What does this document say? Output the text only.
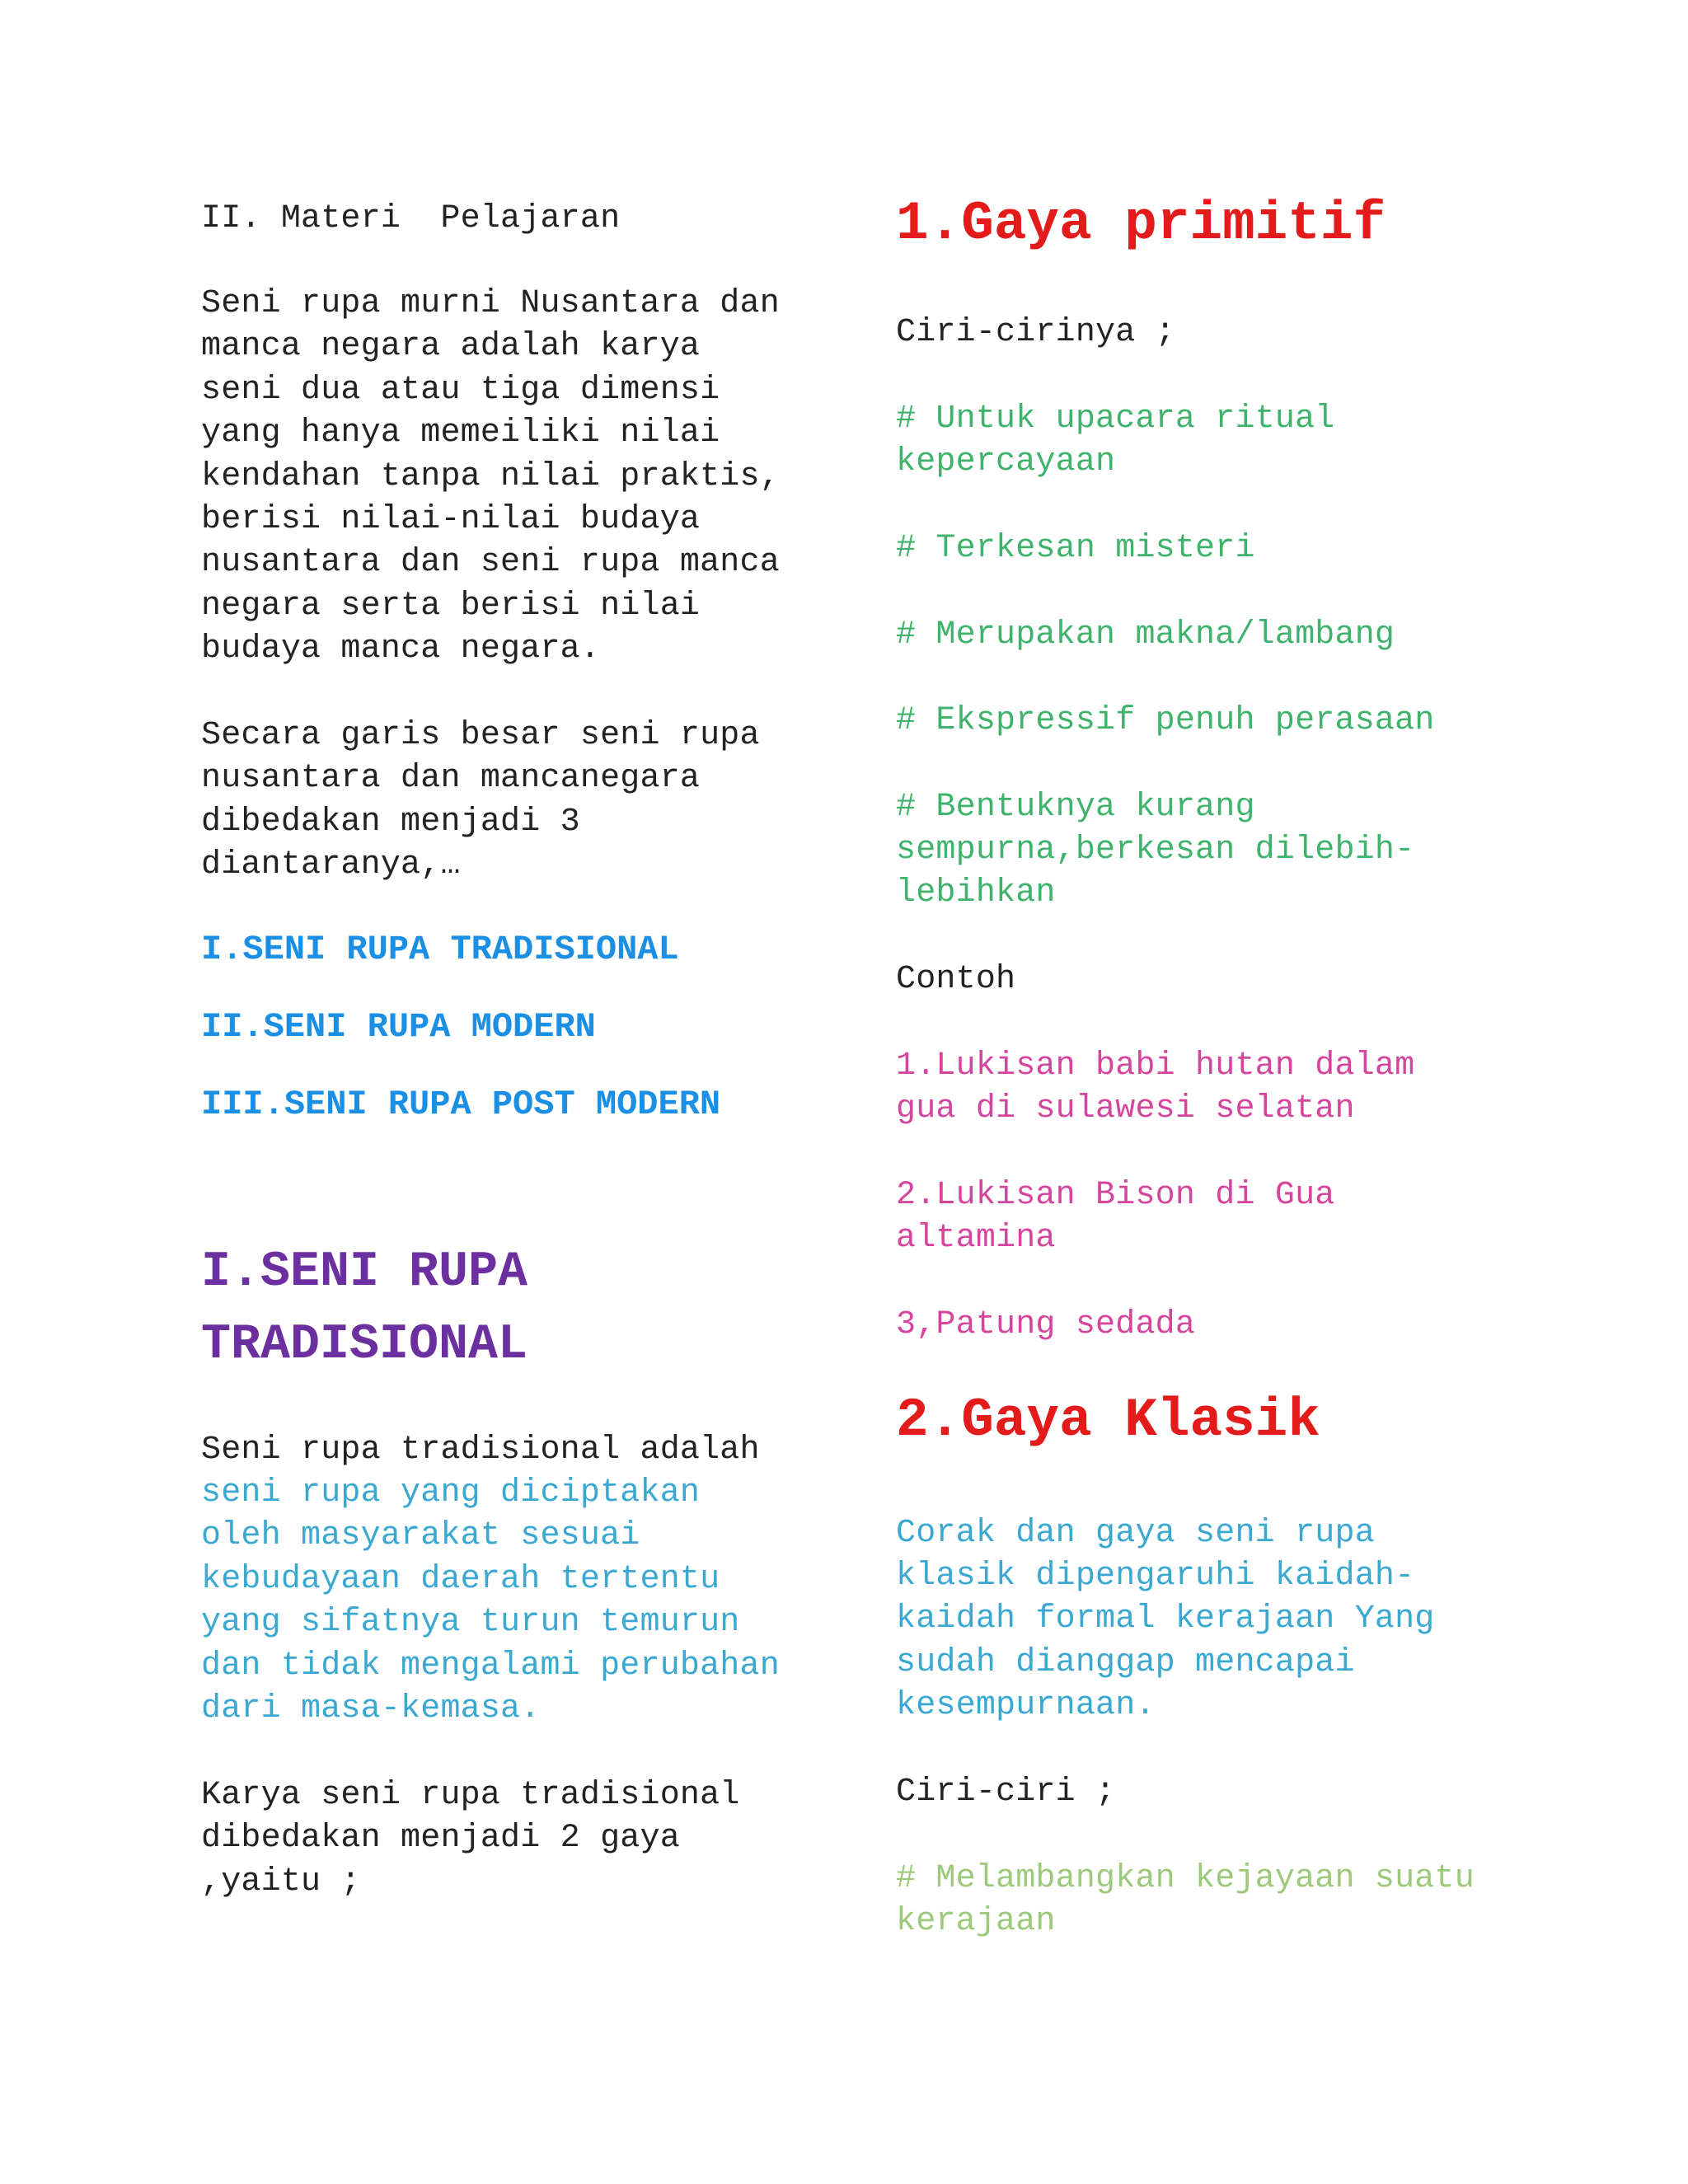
II. Materi  Pelajaran
Seni rupa murni Nusantara dan
manca negara adalah karya
seni dua atau tiga dimensi
yang hanya memeiliki nilai
kendahan tanpa nilai praktis,
berisi nilai-nilai budaya
nusantara dan seni rupa manca
negara serta berisi nilai
budaya manca negara.
Secara garis besar seni rupa
nusantara dan mancanegara
dibedakan menjadi 3
diantaranya,…
I.SENI RUPA TRADISIONAL
II.SENI RUPA MODERN
III.SENI RUPA POST MODERN
I.SENI RUPA
TRADISIONAL
Seni rupa tradisional adalah
seni rupa yang diciptakan
oleh masyarakat sesuai
kebudayaan daerah tertentu
yang sifatnya turun temurun
dan tidak mengalami perubahan
dari masa-kemasa.
Karya seni rupa tradisional
dibedakan menjadi 2 gaya
,yaitu ;
1.Gaya primitif
Ciri-cirinya ;
# Untuk upacara ritual
kepercayaan
# Terkesan misteri
# Merupakan makna/lambang
# Ekspressif penuh perasaan
# Bentuknya kurang
sempurna,berkesan dilebih-
lebihkan
Contoh
1.Lukisan babi hutan dalam
gua di sulawesi selatan
2.Lukisan Bison di Gua
altamina
3,Patung sedada
2.Gaya Klasik
Corak dan gaya seni rupa
klasik dipengaruhi kaidah-
kaidah formal kerajaan Yang
sudah dianggap mencapai
kesempurnaan.
Ciri-ciri ;
# Melambangkan kejayaan suatu
kerajaan
